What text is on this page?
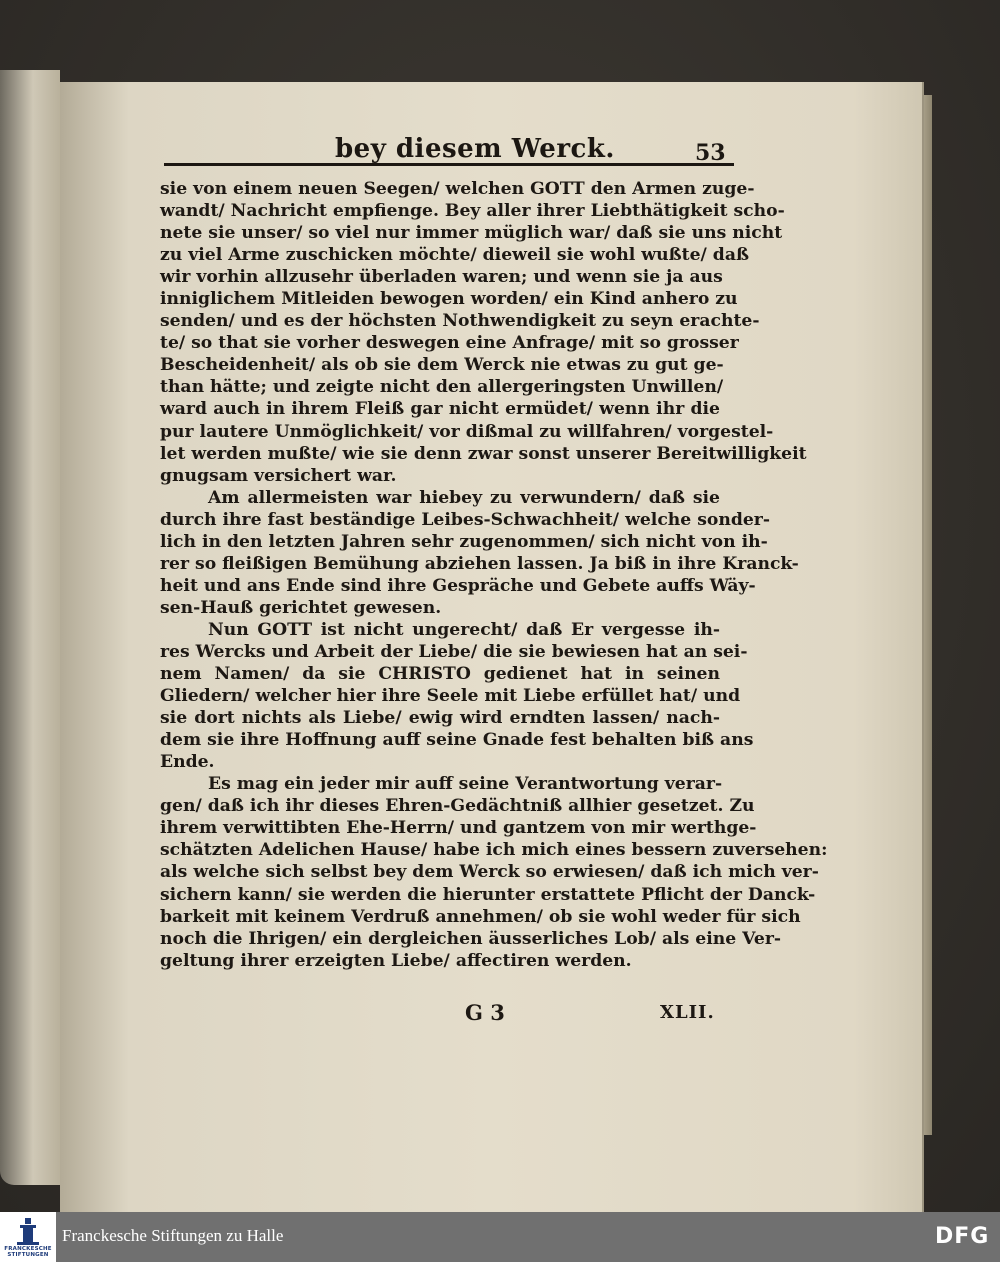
bey diesem Werck.	53
sie von einem neuen Seegen/ welchen GOTT den Armen zuge-
wandt/ Nachricht empfienge. Bey aller ihrer Liebthätigkeit scho-
nete sie unser/ so viel nur immer müglich war/ daß sie uns nicht
zu viel Arme zuschicken möchte/ dieweil sie wohl wußte/ daß
wir vorhin allzusehr überladen waren; und wenn sie ja aus
inniglichem Mitleiden bewogen worden/ ein Kind anhero zu
senden/ und es der höchsten Nothwendigkeit zu seyn erachte-
te/ so that sie vorher deswegen eine Anfrage/ mit so grosser
Bescheidenheit/ als ob sie dem Werck nie etwas zu gut ge-
than hätte; und zeigte nicht den allergeringsten Unwillen/
ward auch in ihrem Fleiß gar nicht ermüdet/ wenn ihr die
pur lautere Unmöglichkeit/ vor dißmal zu willfahren/ vorgestel-
let werden mußte/ wie sie denn zwar sonst unserer Bereitwilligkeit
gnugsam versichert war.
Am allermeisten war hiebey zu verwundern/ daß sie
durch ihre fast beständige Leibes-Schwachheit/ welche sonder-
lich in den letzten Jahren sehr zugenommen/ sich nicht von ih-
rer so fleißigen Bemühung abziehen lassen. Ja biß in ihre Kranck-
heit und ans Ende sind ihre Gespräche und Gebete auffs Wäy-
sen-Hauß gerichtet gewesen.
Nun GOTT ist nicht ungerecht/ daß Er vergesse ih-
res Wercks und Arbeit der Liebe/ die sie bewiesen hat an sei-
nem Namen/ da sie CHRISTO gedienet hat in seinen
Gliedern/ welcher hier ihre Seele mit Liebe erfüllet hat/ und
sie dort nichts als Liebe/ ewig wird erndten lassen/ nach-
dem sie ihre Hoffnung auff seine Gnade fest behalten biß ans
Ende.
Es mag ein jeder mir auff seine Verantwortung verar-
gen/ daß ich ihr dieses Ehren-Gedächtniß allhier gesetzet. Zu
ihrem verwittibten Ehe-Herrn/ und gantzem von mir werthge-
schätzten Adelichen Hause/ habe ich mich eines bessern zuversehen:
als welche sich selbst bey dem Werck so erwiesen/ daß ich mich ver-
sichern kann/ sie werden die hierunter erstattete Pflicht der Danck-
barkeit mit keinem Verdruß annehmen/ ob sie wohl weder für sich
noch die Ihrigen/ ein dergleichen äusserliches Lob/ als eine Ver-
geltung ihrer erzeigten Liebe/ affectiren werden.
G 3	XLII.
FRANCKESCHE STIFTUNGEN
Franckesche Stiftungen zu Halle	DFG
